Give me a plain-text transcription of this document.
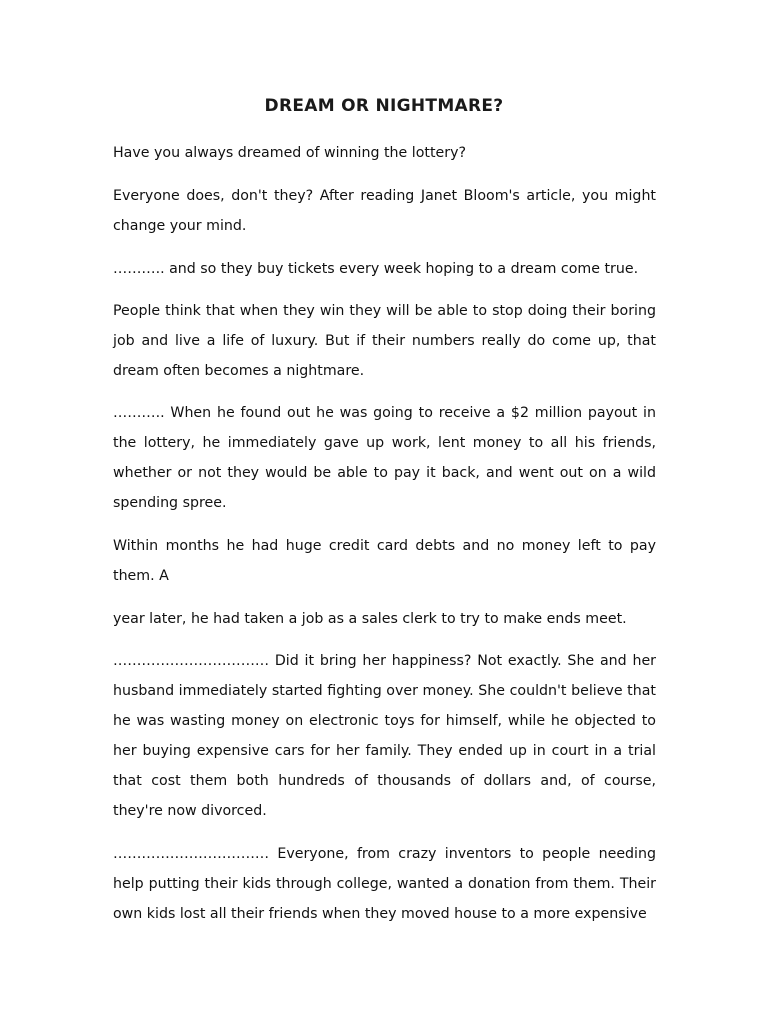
DREAM OR NIGHTMARE?

Have you always dreamed of winning the lottery?

Everyone does, don't they? After reading Janet Bloom's article, you might change your mind.

……….. and so they buy tickets every week hoping to a dream come true.

People think that when they win they will be able to stop doing their boring job and live a life of luxury. But if their numbers really do come up, that dream often becomes a nightmare.

……….. When he found out he was going to receive a $2 million payout in the lottery, he immediately gave up work, lent money to all his friends, whether or not they would be able to pay it back, and went out on a wild spending spree.

Within months he had huge credit card debts and no money left to pay them. A

year later, he had taken a job as a sales clerk to try to make ends meet.

…………………………… Did it bring her happiness? Not exactly. She and her husband immediately started fighting over money. She couldn't believe that he was wasting money on electronic toys for himself, while he objected to her buying expensive cars for her family. They ended up in court in a trial that cost them both hundreds of thousands of dollars and, of course, they're now divorced.

…………………………… Everyone, from crazy inventors to people needing help putting their kids through college, wanted a donation from them. Their own kids lost all their friends when they moved house to a more expensive
